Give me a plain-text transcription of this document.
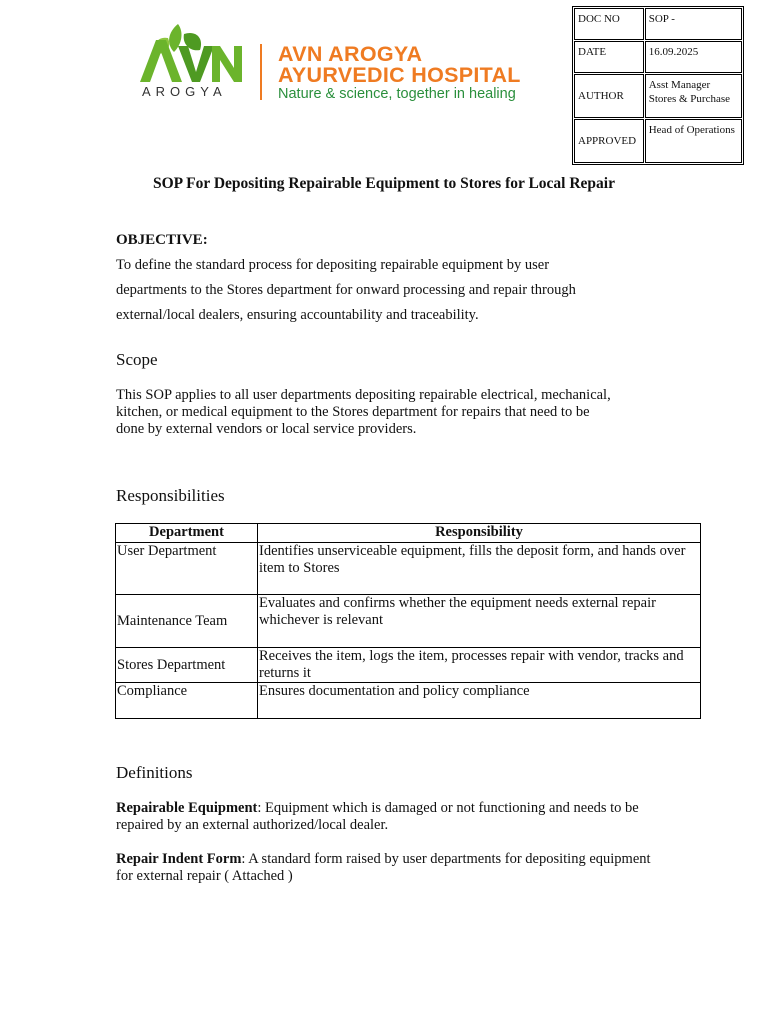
AROGYA
AVN AROGYA
AYURVEDIC HOSPITAL
Nature & science, together in healing
DOC NO	SOP -
DATE	16.09.2025
AUTHOR	Asst Manager Stores & Purchase
APPROVED	Head of Operations
SOP For Depositing Repairable Equipment to Stores for Local Repair
OBJECTIVE:
To define the standard process for depositing repairable equipment by user
departments to the Stores department for onward processing and repair through
external/local dealers, ensuring accountability and traceability.
Scope
This SOP applies to all user departments depositing repairable electrical, mechanical,
kitchen, or medical equipment to the Stores department for repairs that need to be
done by external vendors or local service providers.
Responsibilities
Department	Responsibility
User Department	Identifies unserviceable equipment, fills the deposit form, and hands over item to Stores
Maintenance Team	Evaluates and confirms whether the equipment needs external repair whichever is relevant
Stores Department	Receives the item, logs the item, processes repair with vendor, tracks and returns it
Compliance	Ensures documentation and policy compliance
Definitions
Repairable Equipment: Equipment which is damaged or not functioning and needs to be repaired by an external authorized/local dealer.
Repair Indent Form: A standard form raised by user departments for depositing equipment for external repair ( Attached )
